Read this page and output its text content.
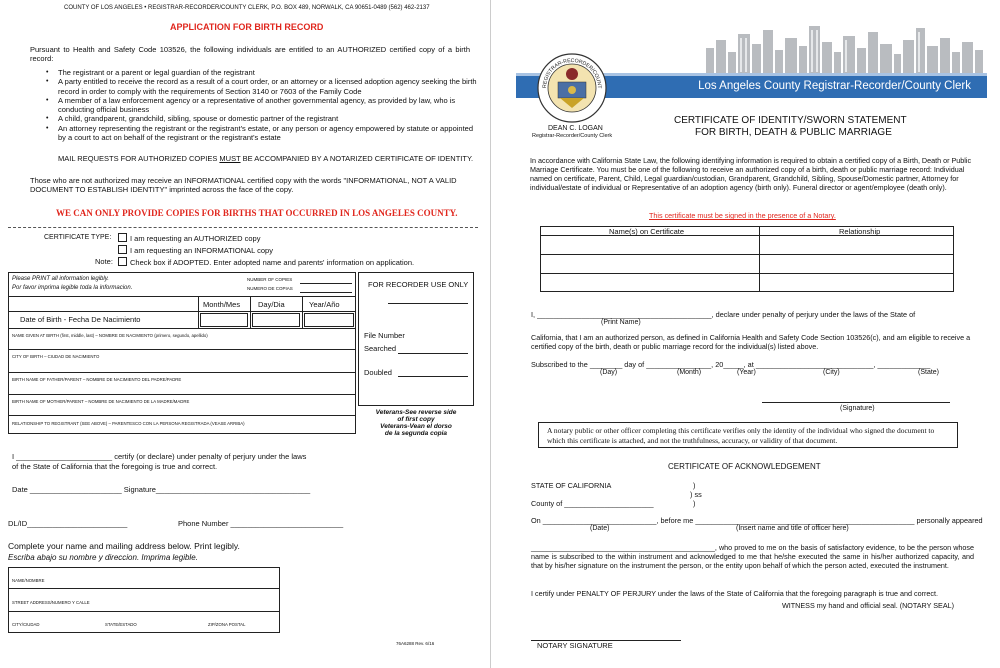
COUNTY OF LOS ANGELES • REGISTRAR-RECORDER/COUNTY CLERK, P.O. BOX 489, NORWALK, CA 90651-0489 (562) 462-2137
APPLICATION FOR BIRTH RECORD
Pursuant to Health and Safety Code 103526, the following individuals are entitled to an AUTHORIZED certified copy of a birth record:
• The registrant or a parent or legal guardian of the registrant
• A party entitled to receive the record as a result of a court order, or an attorney or a licensed adoption agency seeking the birth record in order to comply with the requirements of Section 3140 or 7603 of the Family Code
• A member of a law enforcement agency or a representative of another governmental agency, as provided by law, who is conducting official business
• A child, grandparent, grandchild, sibling, spouse or domestic partner of the registrant
• An attorney representing the registrant or the registrant's estate, or any person or agency empowered by statute or appointed by a court to act on behalf of the registrant or the registrant's estate
MAIL REQUESTS FOR AUTHORIZED COPIES MUST BE ACCOMPANIED BY A NOTARIZED CERTIFICATE OF IDENTITY.
Those who are not authorized may receive an INFORMATIONAL certified copy with the words "INFORMATIONAL, NOT A VALID DOCUMENT TO ESTABLISH IDENTITY" imprinted across the face of the copy.
WE CAN ONLY PROVIDE COPIES FOR BIRTHS THAT OCCURRED IN LOS ANGELES COUNTY.
CERTIFICATE TYPE:	I am requesting an AUTHORIZED copy
I am requesting an INFORMATIONAL copy
Note:	Check box if ADOPTED. Enter adopted name and parents' information on application.
Please PRINT all information legibly.
Por favor imprima legible toda la informacion.
NUMBER OF COPIES
NUMERO DE COPIAS
Month/Mes Day/Dia	Year/Año
Date of Birth - Fecha De Nacimiento
NAME GIVEN AT BIRTH (first, middle, last) – NOMBRE DE NACIMIENTO (primero, segundo, apellido)
CITY OF BIRTH – CIUDAD DE NACIMIENTO
BIRTH NAME OF FATHER/PARENT – NOMBRE DE NACIMIENTO DEL PADRE/PADRE
BIRTH NAME OF MOTHER/PARENT – NOMBRE DE NACIMIENTO DE LA MADRE/MADRE
RELATIONSHIP TO REGISTRANT (SEE ABOVE) – PARENTESCO CON LA PERSONA REGISTRADA (VEASE ARRIBA)
FOR RECORDER USE ONLY
File Number
Searched
Doubled
Veterans-See reverse side
of first copy
Veterans-Vean el dorso
de la segunda copia
I _______________________ certify (or declare) under penalty of perjury under the laws
of the State of California that the foregoing is true and correct.
Date ______________________ Signature_____________________________________
DL/ID________________________	Phone Number ___________________________
Complete your name and mailing address below. Print legibly.
Escriba abajo su nombre y direccion. Imprima legible.
NAME/NOMBRE
STREET ADDRESS/NUMERO Y CALLE
CITY/CIUDAD	STATE/ESTADO	ZIP/ZONA POSTAL
76A6288 Rev. 6/16
Los Angeles County Registrar-Recorder/County Clerk
REGISTRAR-RECORDER/COUNT
DEAN C. LOGAN
Registrar-Recorder/County Clerk
CERTIFICATE OF IDENTITY/SWORN STATEMENT
FOR BIRTH, DEATH & PUBLIC MARRIAGE
In accordance with California State Law, the following identifying information is required to obtain a certified copy of a Birth, Death or Public Marriage Certificate. You must be one of the following to receive an authorized copy of a birth, death or public marriage record: Individual named on certificate, Parent, Child, Legal guardian/custodian, Grandparent, Grandchild, Sibling, Spouse/Domestic partner, Attorney for individual/estate of individual or Representative of an adoption agency (birth only). Funeral director or agent/employee (death only).
This certificate must be signed in the presence of a Notary.
Name(s) on Certificate	Relationship
I, ___________________________________________, declare under penalty of perjury under the laws of the State of
(Print Name)
California, that I am an authorized person, as defined in California Health and Safety Code Section 103526(c), and am eligible to receive a certified copy of the birth, death or public marriage record for the individual(s) listed above.
Subscribed to the ________ day of ________________, 20_____, at _____________________________, _____________
(Day)	(Month)	(Year)	(City)	(State)
(Signature)
A notary public or other officer completing this certificate verifies only the identity of the individual who signed the document to which this certificate is attached, and not the truthfulness, accuracy, or validity of that document.
CERTIFICATE OF ACKNOWLEDGEMENT
STATE OF CALIFORNIA	)
) ss
County of ______________________	)
On ____________________________, before me ______________________________________________________ personally appeared
(Date)	(Insert name and title of officer here)
______________________________________________, who proved to me on the basis of satisfactory evidence, to be the person whose name is subscribed to the within instrument and acknowledged to me that he/she executed the same in his/her authorized capacity, and that by his/her signature on the instrument the person, or the entity upon behalf of which the person acted, executed the instrument.
I certify under PENALTY OF PERJURY under the laws of the State of California that the foregoing paragraph is true and correct.
WITNESS my hand and official seal. (NOTARY SEAL)
NOTARY SIGNATURE
